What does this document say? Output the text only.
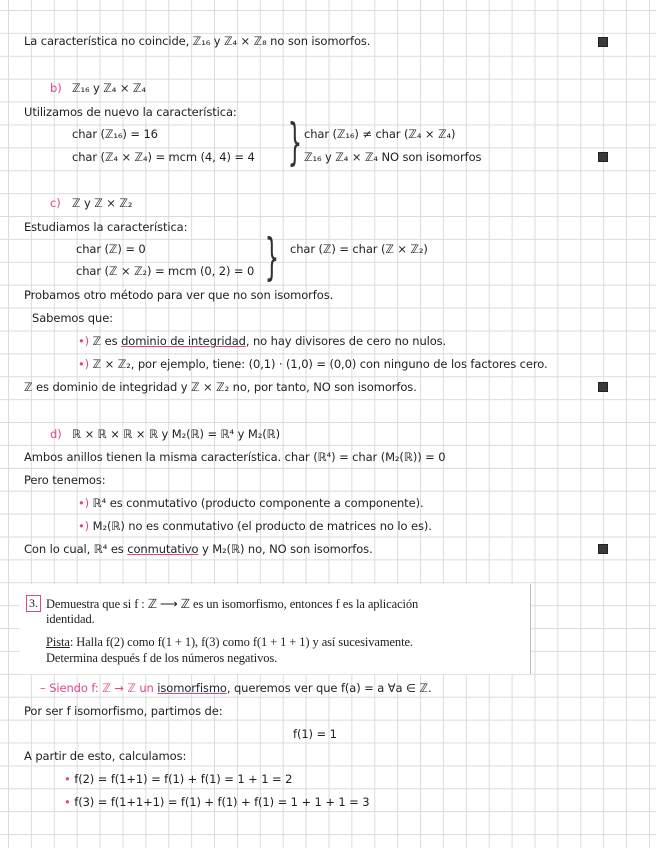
La característica no coincide, ℤ₁₆ y ℤ₄ × ℤ₈ no son isomorfos.
b) ℤ₁₆ y ℤ₄ × ℤ₄
Utilizamos de nuevo la característica:
char (ℤ₁₆) = 16
char (ℤ₄ × ℤ₄) = mcm (4, 4) = 4 } char (ℤ₁₆) ≠ char (ℤ₄ × ℤ₄)
ℤ₁₆ y ℤ₄ × ℤ₄ NO son isomorfos
c) ℤ y ℤ × ℤ₂
Estudiamos la característica:
char (ℤ) = 0
char (ℤ × ℤ₂) = mcm (0, 2) = 0 } char (ℤ) = char (ℤ × ℤ₂)
Probamos otro método para ver que no son isomorfos.
Sabemos que:
•) ℤ es dominio de integridad, no hay divisores de cero no nulos.
•) ℤ × ℤ₂, por ejemplo, tiene: (0,1) · (1,0) = (0,0) con ninguno de los factores cero.
ℤ es dominio de integridad y ℤ × ℤ₂ no, por tanto, NO son isomorfos.
d) ℝ × ℝ × ℝ × ℝ y M₂(ℝ) = ℝ⁴ y M₂(ℝ)
Ambos anillos tienen la misma característica. char (ℝ⁴) = char (M₂(ℝ)) = 0
Pero tenemos:
•) ℝ⁴ es conmutativo (producto componente a componente).
•) M₂(ℝ) no es conmutativo (el producto de matrices no lo es).
Con lo cual, ℝ⁴ es conmutativo y M₂(ℝ) no, NO son isomorfos.
3. Demuestra que si f : ℤ ⟶ ℤ es un isomorfismo, entonces f es la aplicación
identidad.
Pista: Halla f(2) como f(1 + 1), f(3) como f(1 + 1 + 1) y así sucesivamente.
Determina después f de los números negativos.
– Siendo f: ℤ → ℤ un isomorfismo, queremos ver que f(a) = a ∀a ∈ ℤ.
Por ser f isomorfismo, partimos de:
f(1) = 1
A partir de esto, calculamos:
• f(2) = f(1+1) = f(1) + f(1) = 1 + 1 = 2
• f(3) = f(1+1+1) = f(1) + f(1) + f(1) = 1 + 1 + 1 = 3
